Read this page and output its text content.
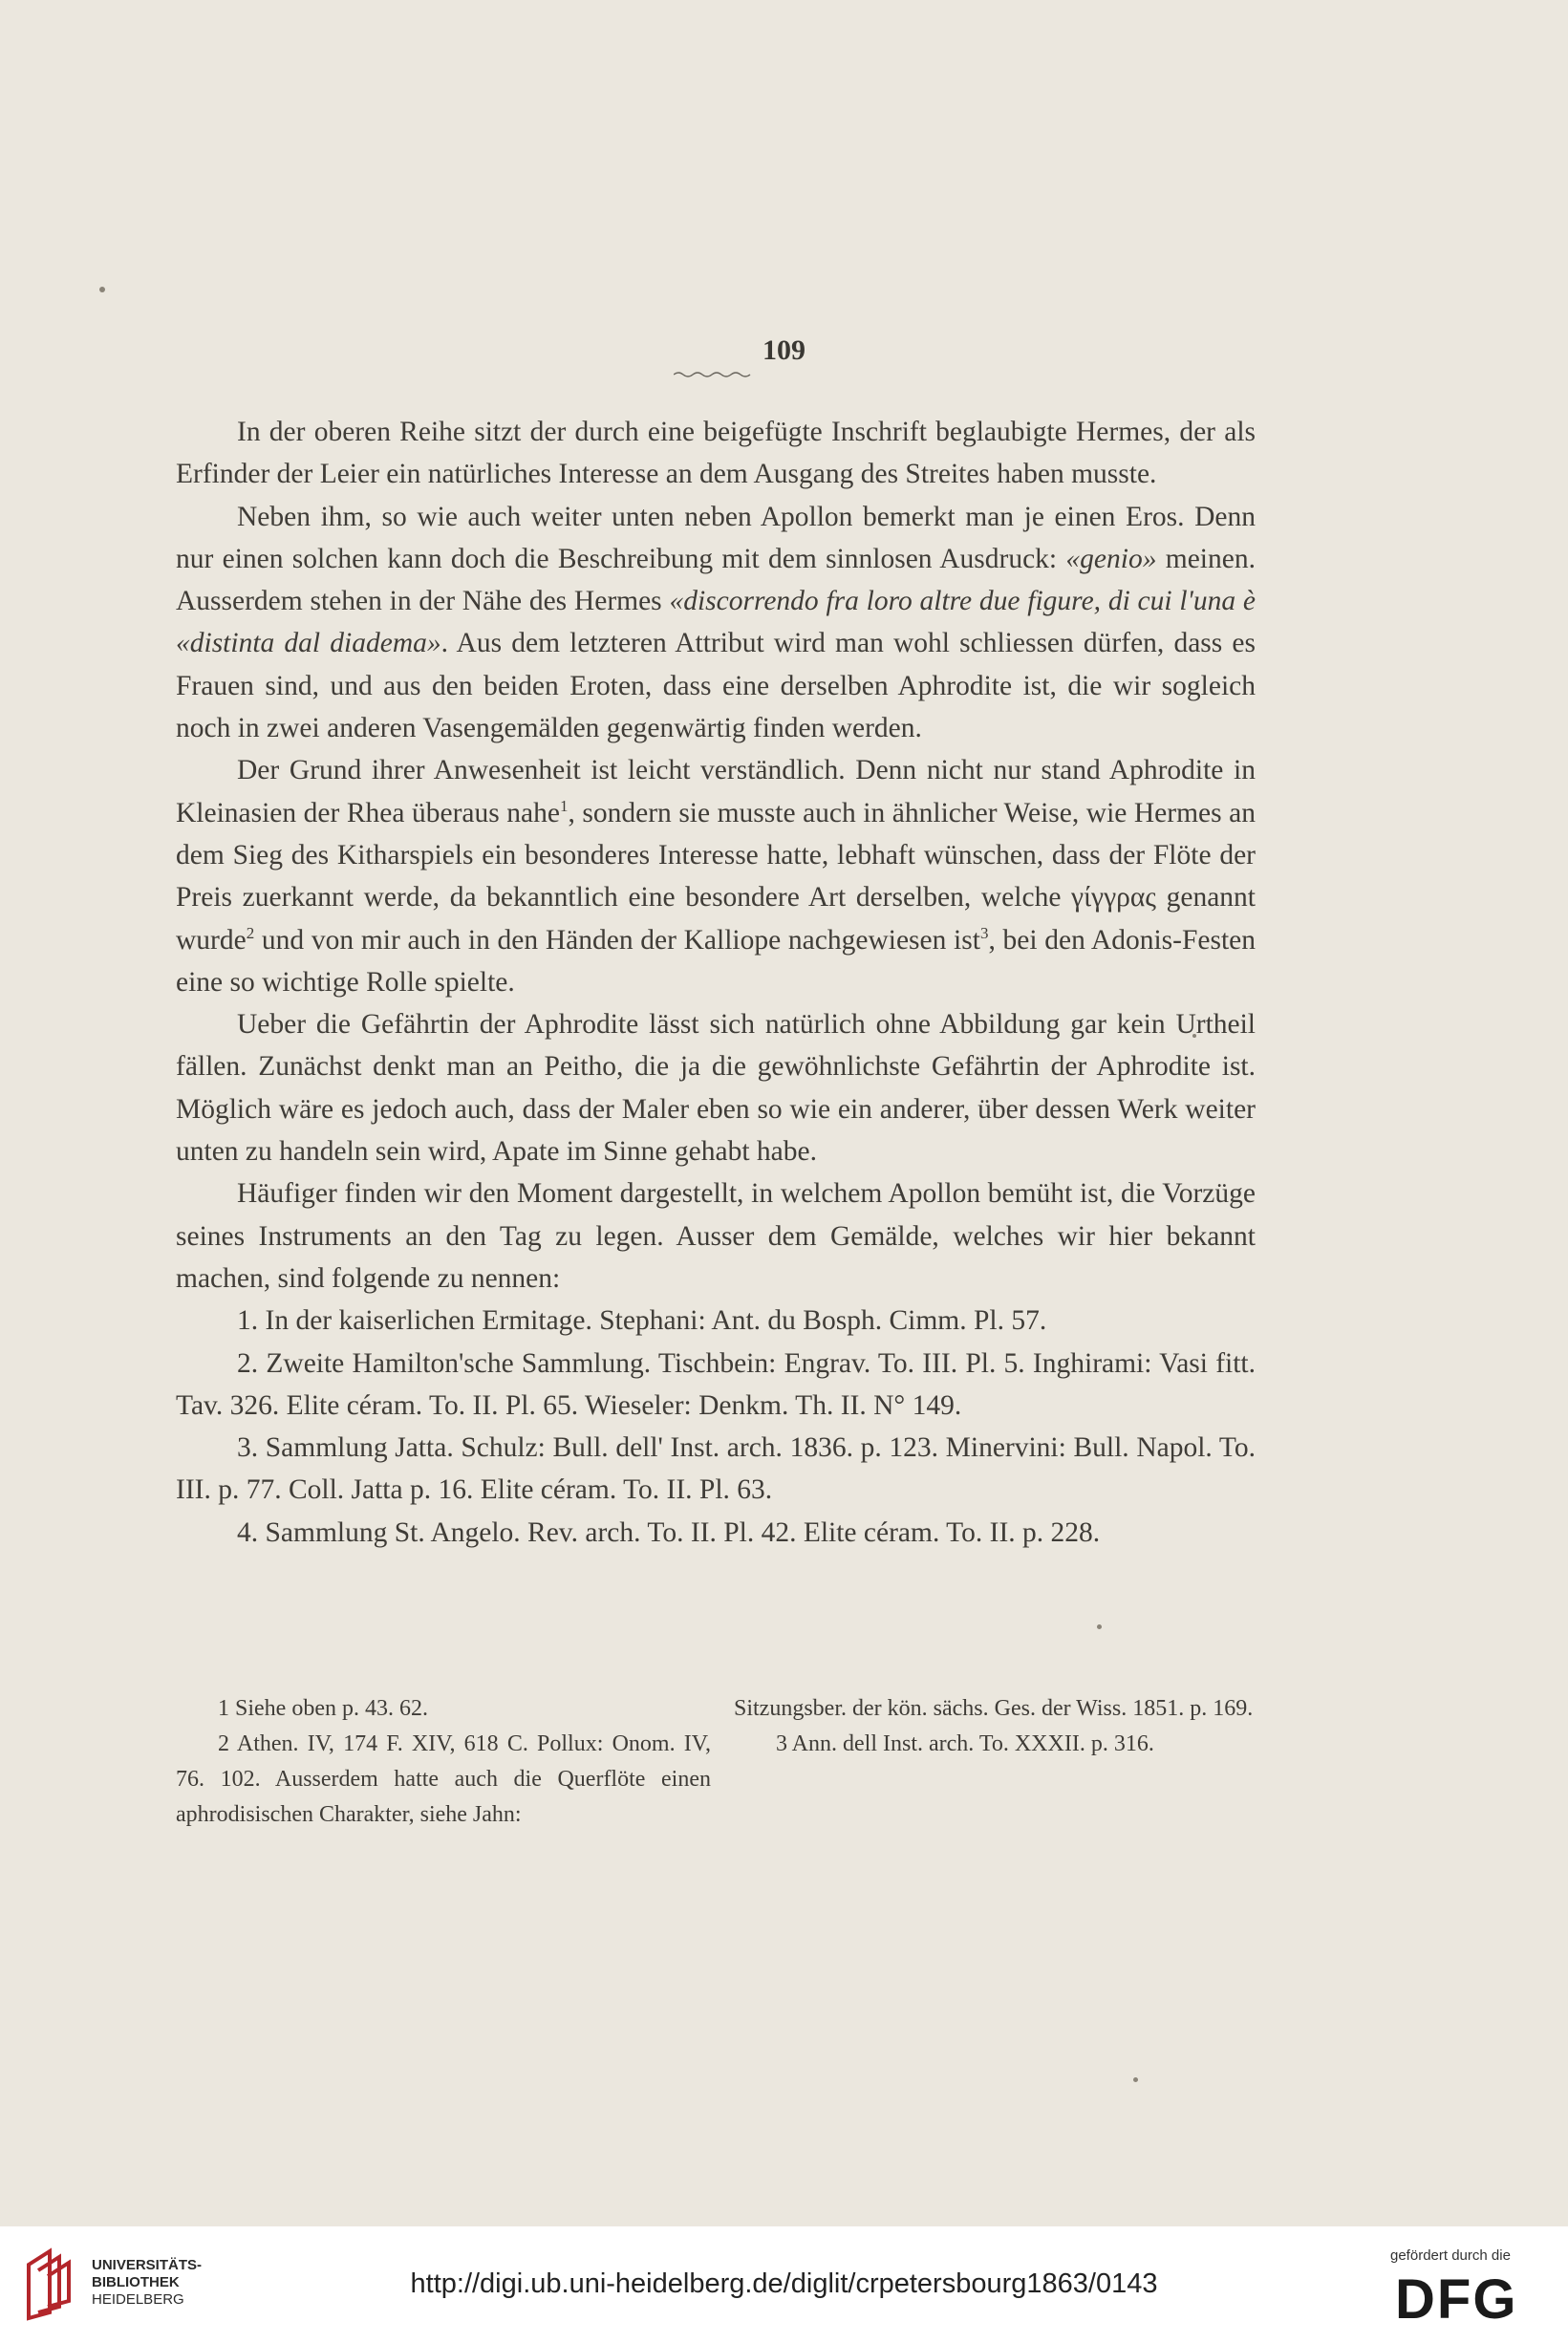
109

In der oberen Reihe sitzt der durch eine beigefügte Inschrift beglaubigte Hermes, der als Erfinder der Leier ein natürliches Interesse an dem Ausgang des Streites haben musste.

Neben ihm, so wie auch weiter unten neben Apollon bemerkt man je einen Eros. Denn nur einen solchen kann doch die Beschreibung mit dem sinnlosen Ausdruck: «genio» meinen. Ausserdem stehen in der Nähe des Hermes «discorrendo fra loro altre due figure, di cui l'una è «distinta dal diadema». Aus dem letzteren Attribut wird man wohl schliessen dürfen, dass es Frauen sind, und aus den beiden Eroten, dass eine derselben Aphrodite ist, die wir sogleich noch in zwei anderen Vasengemälden gegenwärtig finden werden.

Der Grund ihrer Anwesenheit ist leicht verständlich. Denn nicht nur stand Aphrodite in Kleinasien der Rhea überaus nahe$^1$, sondern sie musste auch in ähnlicher Weise, wie Hermes an dem Sieg des Kitharspiels ein besonderes Interesse hatte, lebhaft wünschen, dass der Flöte der Preis zuerkannt werde, da bekanntlich eine besondere Art derselben, welche γίγγρας genannt wurde$^2$ und von mir auch in den Händen der Kalliope nachgewiesen ist$^3$, bei den Adonis-Festen eine so wichtige Rolle spielte.

Ueber die Gefährtin der Aphrodite lässt sich natürlich ohne Abbildung gar kein Urtheil fällen. Zunächst denkt man an Peitho, die ja die gewöhnlichste Gefährtin der Aphrodite ist. Möglich wäre es jedoch auch, dass der Maler eben so wie ein anderer, über dessen Werk weiter unten zu handeln sein wird, Apate im Sinne gehabt habe.

Häufiger finden wir den Moment dargestellt, in welchem Apollon bemüht ist, die Vorzüge seines Instruments an den Tag zu legen. Ausser dem Gemälde, welches wir hier bekannt machen, sind folgende zu nennen:

1. In der kaiserlichen Ermitage. Stephani: Ant. du Bosph. Cimm. Pl. 57.

2. Zweite Hamilton'sche Sammlung. Tischbein: Engrav. To. III. Pl. 5. Inghirami: Vasi fitt. Tav. 326. Elite céram. To. II. Pl. 65. Wieseler: Denkm. Th. II. N° 149.

3. Sammlung Jatta. Schulz: Bull. dell' Inst. arch. 1836. p. 123. Minervini: Bull. Napol. To. III. p. 77. Coll. Jatta p. 16. Elite céram. To. II. Pl. 63.

4. Sammlung St. Angelo. Rev. arch. To. II. Pl. 42. Elite céram. To. II. p. 228.

1 Siehe oben p. 43. 62.

2 Athen. IV, 174 F. XIV, 618 C. Pollux: Onom. IV, 76. 102. Ausserdem hatte auch die Querflöte einen aphrodisischen Charakter, siehe Jahn:

Sitzungsber. der kön. sächs. Ges. der Wiss. 1851. p. 169.

3 Ann. dell Inst. arch. To. XXXII. p. 316.

UNIVERSITÄTS-
BIBLIOTHEK
HEIDELBERG
http://digi.ub.uni-heidelberg.de/diglit/crpetersbourg1863/0143
gefördert durch die
DFG
